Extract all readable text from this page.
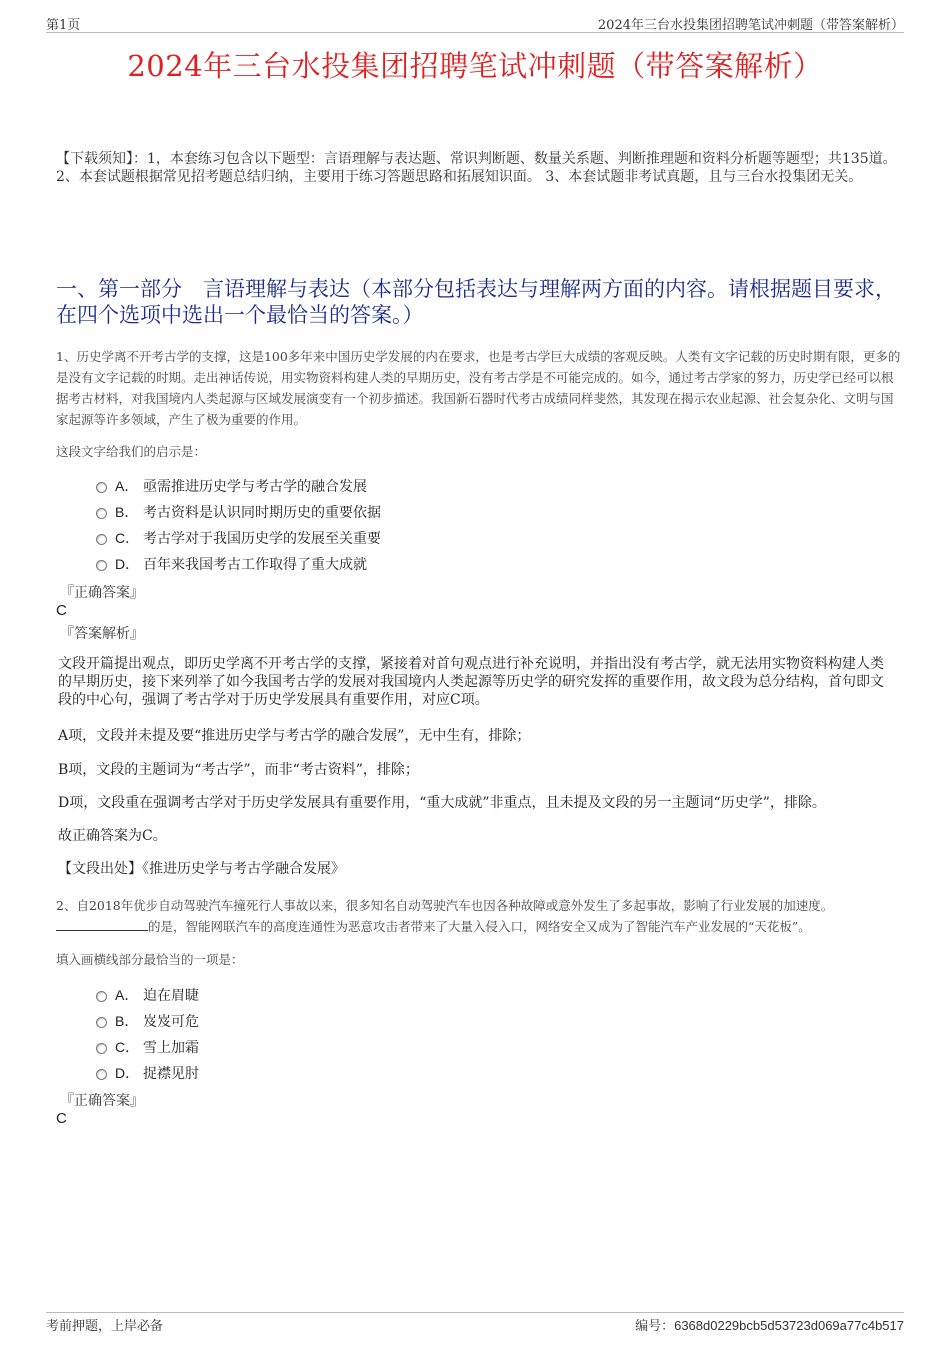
第1页	2024年三台水投集团招聘笔试冲刺题（带答案解析）
2024年三台水投集团招聘笔试冲刺题（带答案解析）
【下载须知】：1，本套练习包含以下题型：言语理解与表达题、常识判断题、数量关系题、判断推理题和资料分析题等题型；共135道。 2、本套试题根据常见招考题总结归纳，主要用于练习答题思路和拓展知识面。 3、本套试题非考试真题，且与三台水投集团无关。
一、第一部分　言语理解与表达（本部分包括表达与理解两方面的内容。请根据题目要求，在四个选项中选出一个最恰当的答案。）
1、历史学离不开考古学的支撑，这是100多年来中国历史学发展的内在要求，也是考古学巨大成绩的客观反映。人类有文字记载的历史时期有限，更多的是没有文字记载的时期。走出神话传说，用实物资料构建人类的早期历史，没有考古学是不可能完成的。如今，通过考古学家的努力，历史学已经可以根据考古材料，对我国境内人类起源与区域发展演变有一个初步描述。我国新石器时代考古成绩同样斐然，其发现在揭示农业起源、社会复杂化、文明与国家起源等许多领域，产生了极为重要的作用。
这段文字给我们的启示是：
A． 亟需推进历史学与考古学的融合发展
B． 考古资料是认识同时期历史的重要依据
C． 考古学对于我国历史学的发展至关重要
D． 百年来我国考古工作取得了重大成就
『正确答案』
C
『答案解析』
文段开篇提出观点，即历史学离不开考古学的支撑，紧接着对首句观点进行补充说明，并指出没有考古学，就无法用实物资料构建人类的早期历史，接下来列举了如今我国考古学的发展对我国境内人类起源等历史学的研究发挥的重要作用，故文段为总分结构，首句即文段的中心句，强调了考古学对于历史学发展具有重要作用，对应C项。
A项，文段并未提及要“推进历史学与考古学的融合发展”，无中生有，排除；
B项，文段的主题词为“考古学”，而非“考古资料”，排除；
D项，文段重在强调考古学对于历史学发展具有重要作用，“重大成就”非重点，且未提及文段的另一主题词“历史学”，排除。
故正确答案为C。
【文段出处】《推进历史学与考古学融合发展》
2、自2018年优步自动驾驶汽车撞死行人事故以来，很多知名自动驾驶汽车也因各种故障或意外发生了多起事故，影响了行业发展的加速度。的是，智能网联汽车的高度连通性为恶意攻击者带来了大量入侵入口，网络安全又成为了智能汽车产业发展的“天花板”。
填入画横线部分最恰当的一项是：
A． 迫在眉睫
B． 岌岌可危
C． 雪上加霜
D． 捉襟见肘
『正确答案』
C
考前押题，上岸必备	编号：6368d0229bcb5d53723d069a77c4b517
